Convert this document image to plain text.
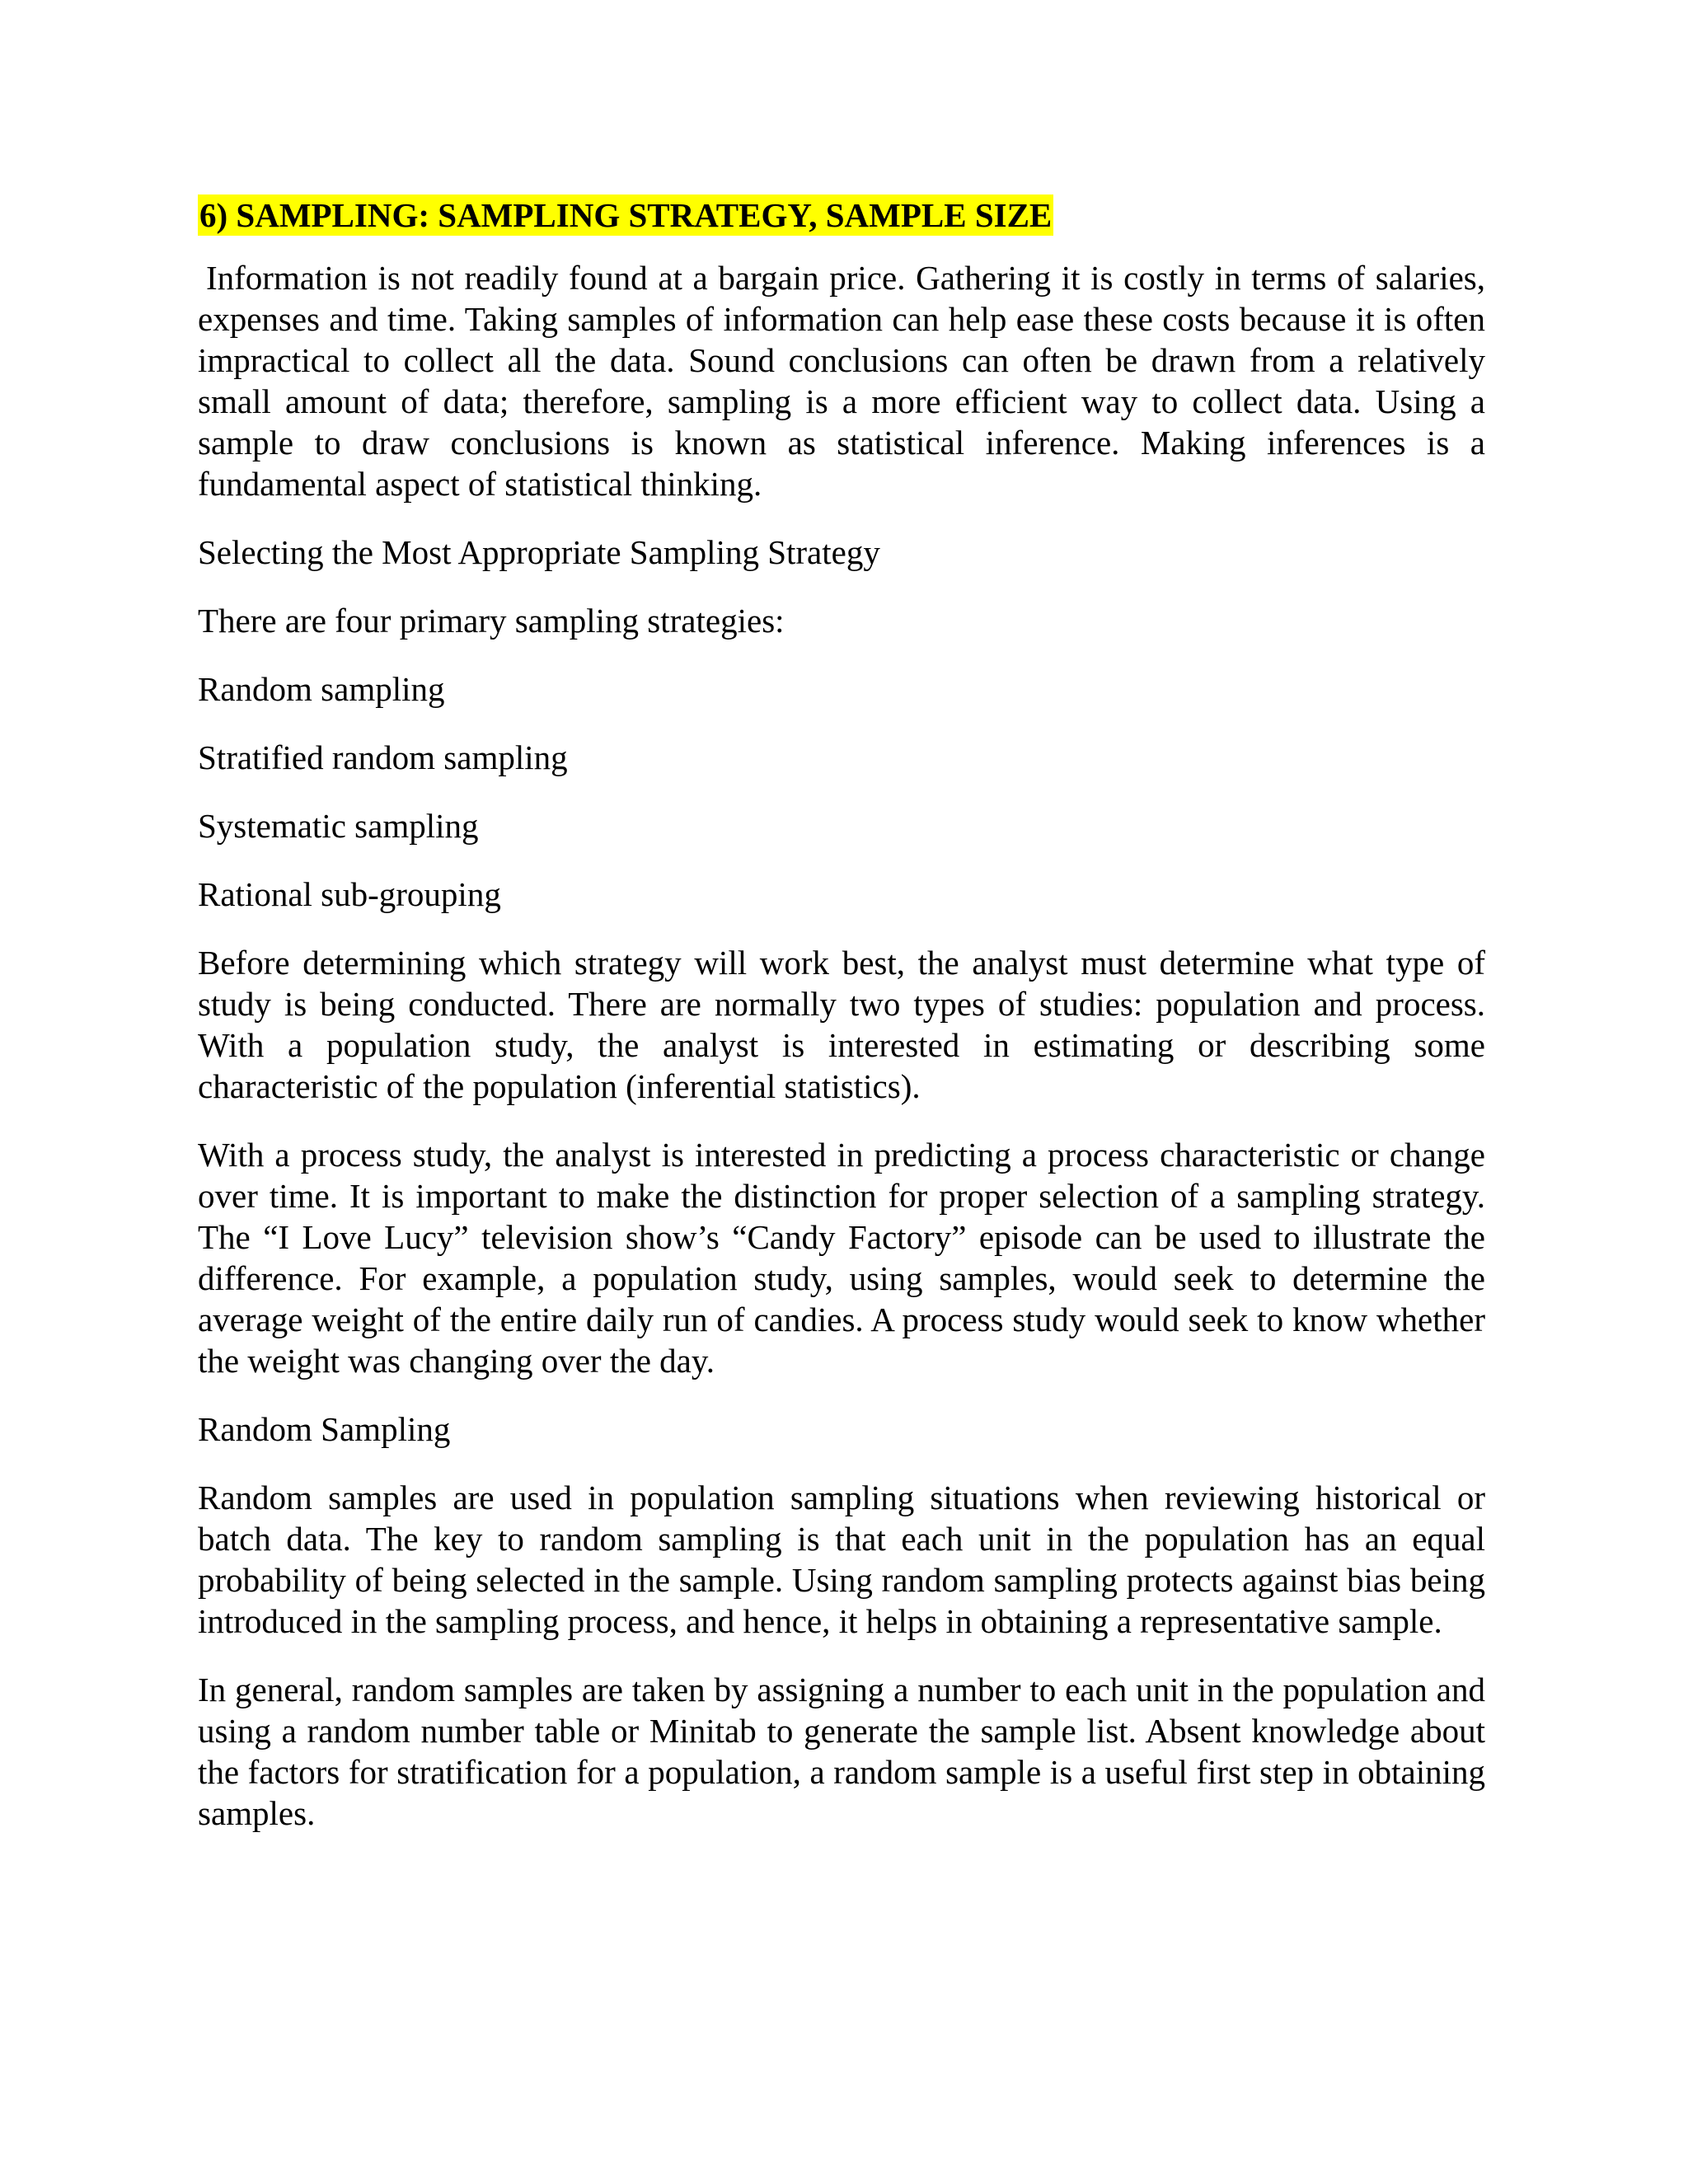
6) SAMPLING: SAMPLING STRATEGY, SAMPLE SIZE

Information is not readily found at a bargain price. Gathering it is costly in terms of salaries, expenses and time. Taking samples of information can help ease these costs because it is often impractical to collect all the data. Sound conclusions can often be drawn from a relatively small amount of data; therefore, sampling is a more efficient way to collect data. Using a sample to draw conclusions is known as statistical inference. Making inferences is a fundamental aspect of statistical thinking.

Selecting the Most Appropriate Sampling Strategy
There are four primary sampling strategies:
Random sampling
Stratified random sampling
Systematic sampling
Rational sub-grouping

Before determining which strategy will work best, the analyst must determine what type of study is being conducted. There are normally two types of studies: population and process. With a population study, the analyst is interested in estimating or describing some characteristic of the population (inferential statistics).

With a process study, the analyst is interested in predicting a process characteristic or change over time. It is important to make the distinction for proper selection of a sampling strategy. The “I Love Lucy” television show’s “Candy Factory” episode can be used to illustrate the difference. For example, a population study, using samples, would seek to determine the average weight of the entire daily run of candies. A process study would seek to know whether the weight was changing over the day.

Random Sampling

Random samples are used in population sampling situations when reviewing historical or batch data. The key to random sampling is that each unit in the population has an equal probability of being selected in the sample. Using random sampling protects against bias being introduced in the sampling process, and hence, it helps in obtaining a representative sample.

In general, random samples are taken by assigning a number to each unit in the population and using a random number table or Minitab to generate the sample list. Absent knowledge about the factors for stratification for a population, a random sample is a useful first step in obtaining samples.
